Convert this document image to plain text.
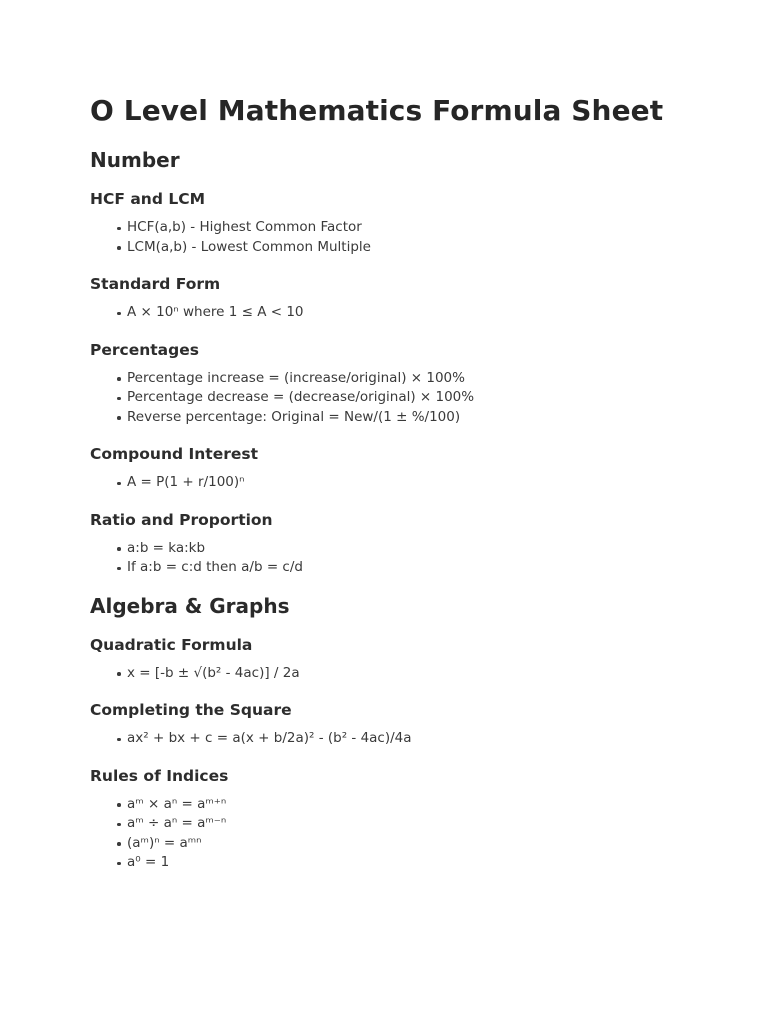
O Level Mathematics Formula Sheet
Number
HCF and LCM
HCF(a,b) - Highest Common Factor
LCM(a,b) - Lowest Common Multiple
Standard Form
A × 10ⁿ where 1 ≤ A < 10
Percentages
Percentage increase = (increase/original) × 100%
Percentage decrease = (decrease/original) × 100%
Reverse percentage: Original = New/(1 ± %/100)
Compound Interest
A = P(1 + r/100)ⁿ
Ratio and Proportion
a:b = ka:kb
If a:b = c:d then a/b = c/d
Algebra & Graphs
Quadratic Formula
x = [-b ± √(b² - 4ac)] / 2a
Completing the Square
ax² + bx + c = a(x + b/2a)² - (b² - 4ac)/4a
Rules of Indices
aᵐ × aⁿ = aᵐ⁺ⁿ
aᵐ ÷ aⁿ = aᵐ⁻ⁿ
(aᵐ)ⁿ = aᵐⁿ
a⁰ = 1
